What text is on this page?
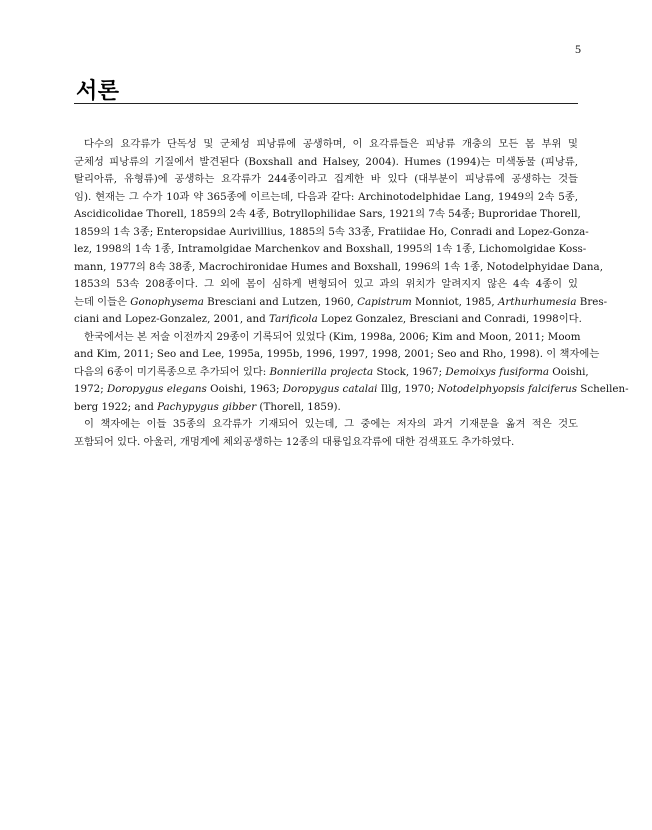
5
서론
다수의 요각류가 단독성 및 군체성 피낭류에 공생하며, 이 요각류들은 피낭류 개충의 모든 몸 부위 및
군체성 피낭류의 기질에서 발견된다 (Boxshall and Halsey, 2004). Humes (1994)는 미색동물 (피낭류,
탈리아류, 유형류)에 공생하는 요각류가 244종이라고 집계한 바 있다 (대부분이 피낭류에 공생하는 것들
임). 현재는 그 수가 10과 약 365종에 이르는데, 다음과 같다: Archinotodelphidae Lang, 1949의 2속 5종,
Ascidicolidae Thorell, 1859의 2속 4종, Botryllophilidae Sars, 1921의 7속 54종; Buproridae Thorell,
1859의 1속 3종; Enteropsidae Aurivillius, 1885의 5속 33종, Fratiidae Ho, Conradi and Lopez-Gonza-
lez, 1998의 1속 1종, Intramolgidae Marchenkov and Boxshall, 1995의 1속 1종, Lichomolgidae Koss-
mann, 1977의 8속 38종, Macrochironidae Humes and Boxshall, 1996의 1속 1종, Notodelphyidae Dana,
1853의 53속 208종이다. 그 외에 몸이 심하게 변형되어 있고 과의 위치가 알려지지 않은 4속 4종이 있
는데 이들은 Gonophysema Bresciani and Lutzen, 1960, Capistrum Monniot, 1985, Arthurhumesia Bres-
ciani and Lopez-Gonzalez, 2001, and Tarificola Lopez Gonzalez, Bresciani and Conradi, 1998이다.
한국에서는 본 저술 이전까지 29종이 기록되어 있었다 (Kim, 1998a, 2006; Kim and Moon, 2011; Moom
and Kim, 2011; Seo and Lee, 1995a, 1995b, 1996, 1997, 1998, 2001; Seo and Rho, 1998). 이 책자에는
다음의 6종이 미기록종으로 추가되어 있다: Bonnierilla projecta Stock, 1967; Demoixys fusiforma Ooishi,
1972; Doropygus elegans Ooishi, 1963; Doropygus catalai Illg, 1970; Notodelphyopsis falciferus Schellen-
berg 1922; and Pachypygus gibber (Thorell, 1859).
이 책자에는 이들 35종의 요각류가 기재되어 있는데, 그 중에는 저자의 과거 기재문을 옮겨 적은 것도
포함되어 있다. 아울러, 개멍게에 체외공생하는 12종의 대룡입요각류에 대한 검색표도 추가하였다.
